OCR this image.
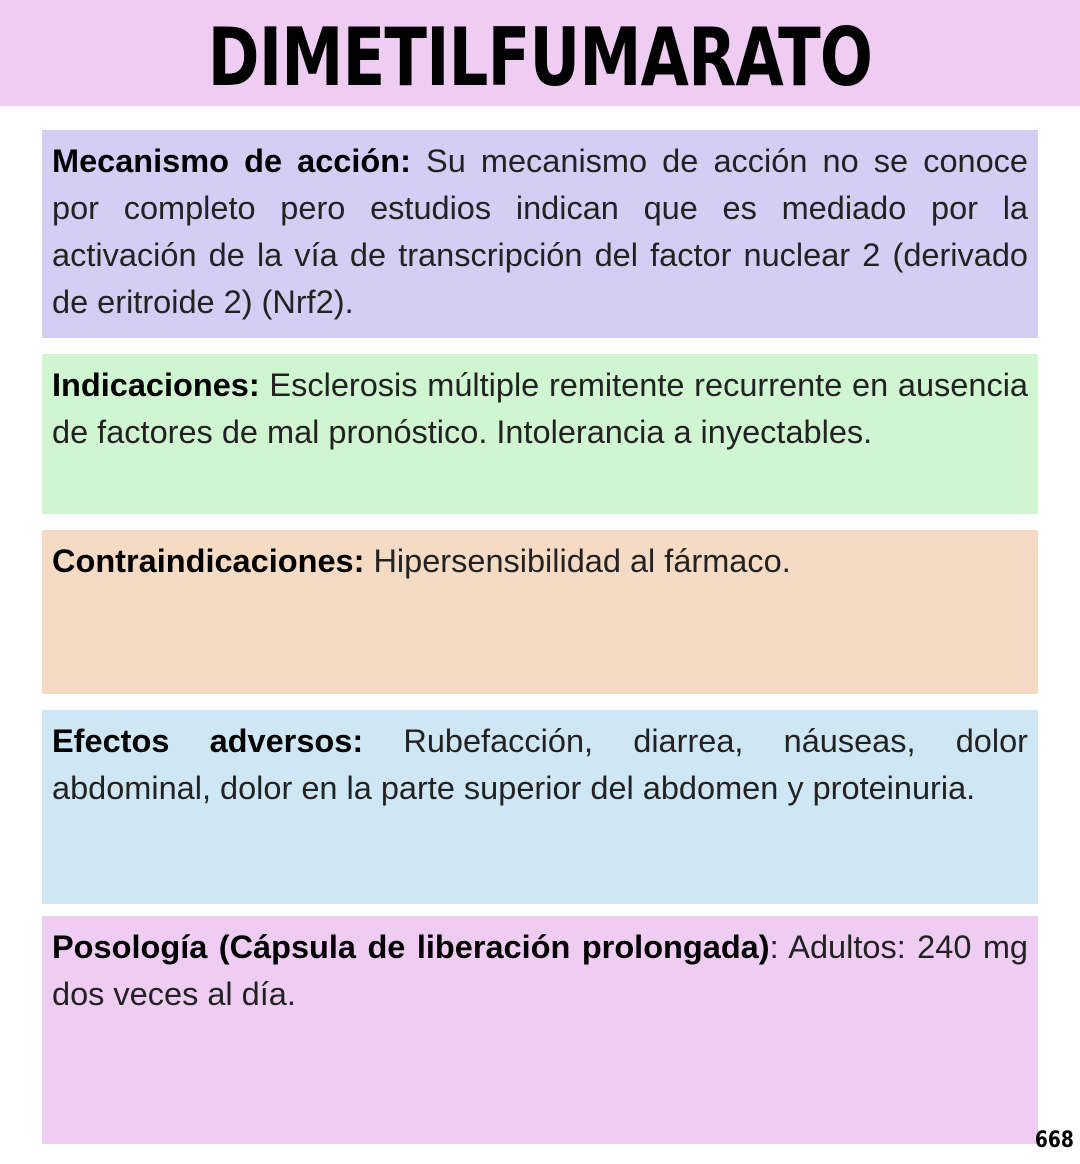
DIMETILFUMARATO

Mecanismo de acción: Su mecanismo de acción no se conoce por completo pero estudios indican que es mediado por la activación de la vía de transcripción del factor nuclear 2 (derivado de eritroide 2) (Nrf2).

Indicaciones: Esclerosis múltiple remitente recurrente en ausencia de factores de mal pronóstico. Intolerancia a inyectables.

Contraindicaciones: Hipersensibilidad al fármaco.

Efectos adversos: Rubefacción, diarrea, náuseas, dolor abdominal, dolor en la parte superior del abdomen y proteinuria.

Posología (Cápsula de liberación prolongada): Adultos: 240 mg dos veces al día.

668
